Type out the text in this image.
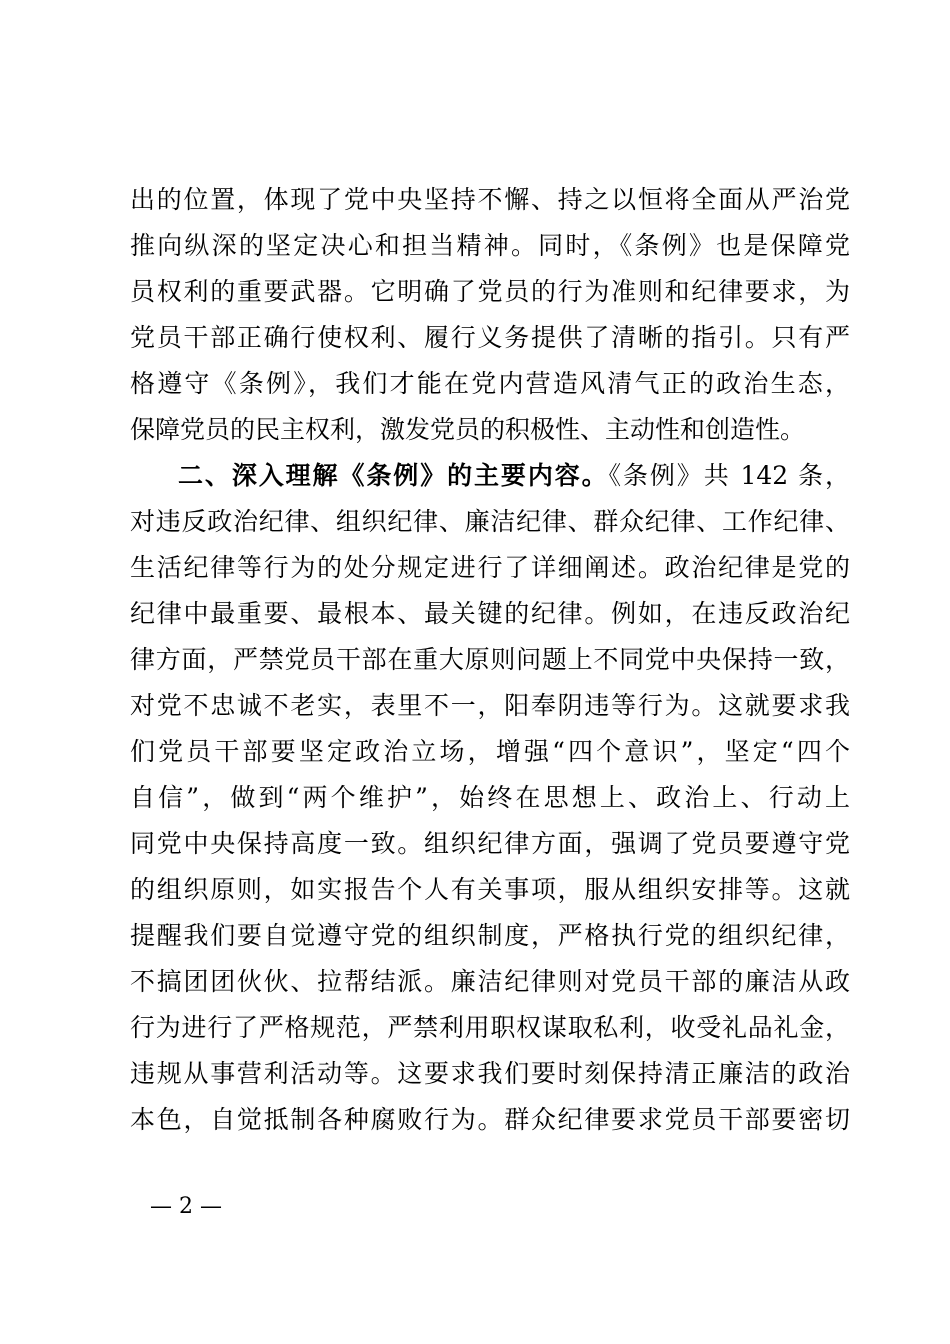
出的位置，体现了党中央坚持不懈、持之以恒将全面从严治党
推向纵深的坚定决心和担当精神。同时，《条例》也是保障党
员权利的重要武器。它明确了党员的行为准则和纪律要求，为
党员干部正确行使权利、履行义务提供了清晰的指引。只有严
格遵守《条例》，我们才能在党内营造风清气正的政治生态，
保障党员的民主权利，激发党员的积极性、主动性和创造性。
二、深入理解《条例》的主要内容。《条例》共 142 条，
对违反政治纪律、组织纪律、廉洁纪律、群众纪律、工作纪律、
生活纪律等行为的处分规定进行了详细阐述。政治纪律是党的
纪律中最重要、最根本、最关键的纪律。例如，在违反政治纪
律方面，严禁党员干部在重大原则问题上不同党中央保持一致，
对党不忠诚不老实，表里不一，阳奉阴违等行为。这就要求我
们党员干部要坚定政治立场，增强“四个意识”，坚定“四个
自信”，做到“两个维护”，始终在思想上、政治上、行动上
同党中央保持高度一致。组织纪律方面，强调了党员要遵守党
的组织原则，如实报告个人有关事项，服从组织安排等。这就
提醒我们要自觉遵守党的组织制度，严格执行党的组织纪律，
不搞团团伙伙、拉帮结派。廉洁纪律则对党员干部的廉洁从政
行为进行了严格规范，严禁利用职权谋取私利，收受礼品礼金，
违规从事营利活动等。这要求我们要时刻保持清正廉洁的政治
本色，自觉抵制各种腐败行为。群众纪律要求党员干部要密切
— 2 —
